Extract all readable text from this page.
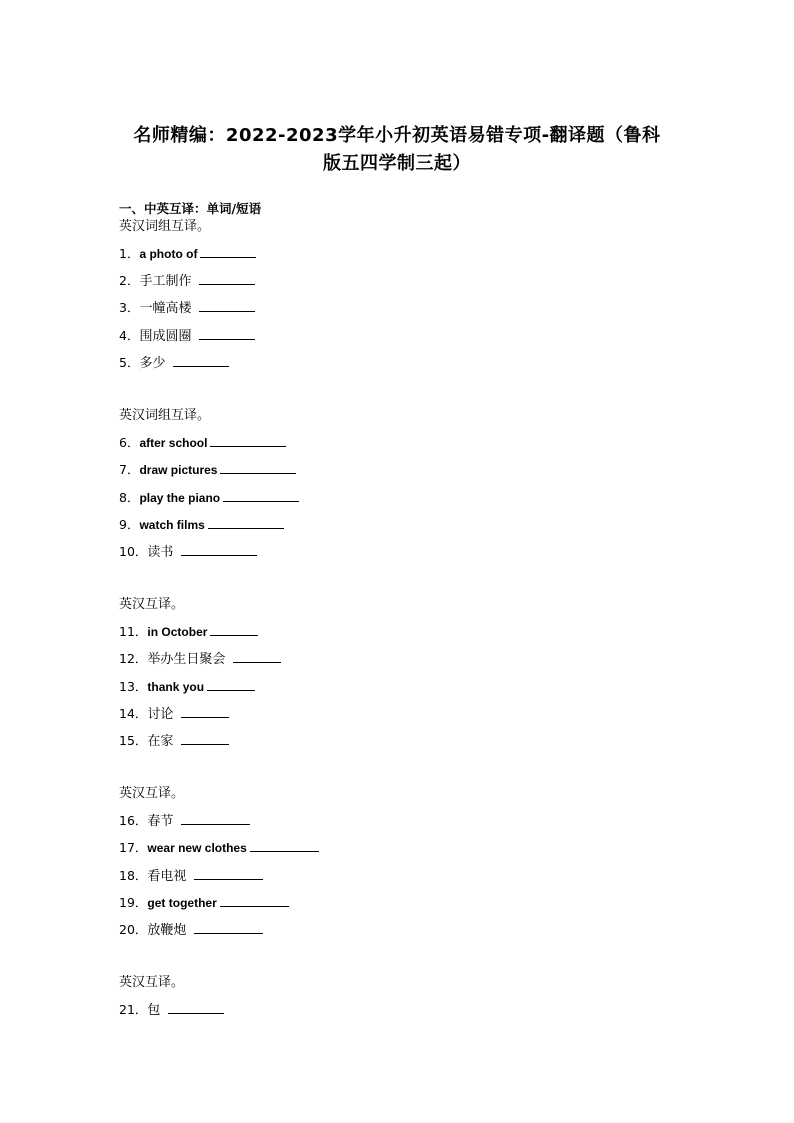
名师精编：2022-2023学年小升初英语易错专项-翻译题（鲁科
版五四学制三起）
一、中英互译：单词/短语
英汉词组互译。
1．a photo of
2．手工制作
3．一幢高楼
4．围成圆圈
5．多少
英汉词组互译。
6．after school
7．draw pictures
8．play the piano
9．watch films
10．读书
英汉互译。
11．in October
12．举办生日聚会
13．thank you
14．讨论
15．在家
英汉互译。
16．春节
17．wear new clothes
18．看电视
19．get together
20．放鞭炮
英汉互译。
21．包
